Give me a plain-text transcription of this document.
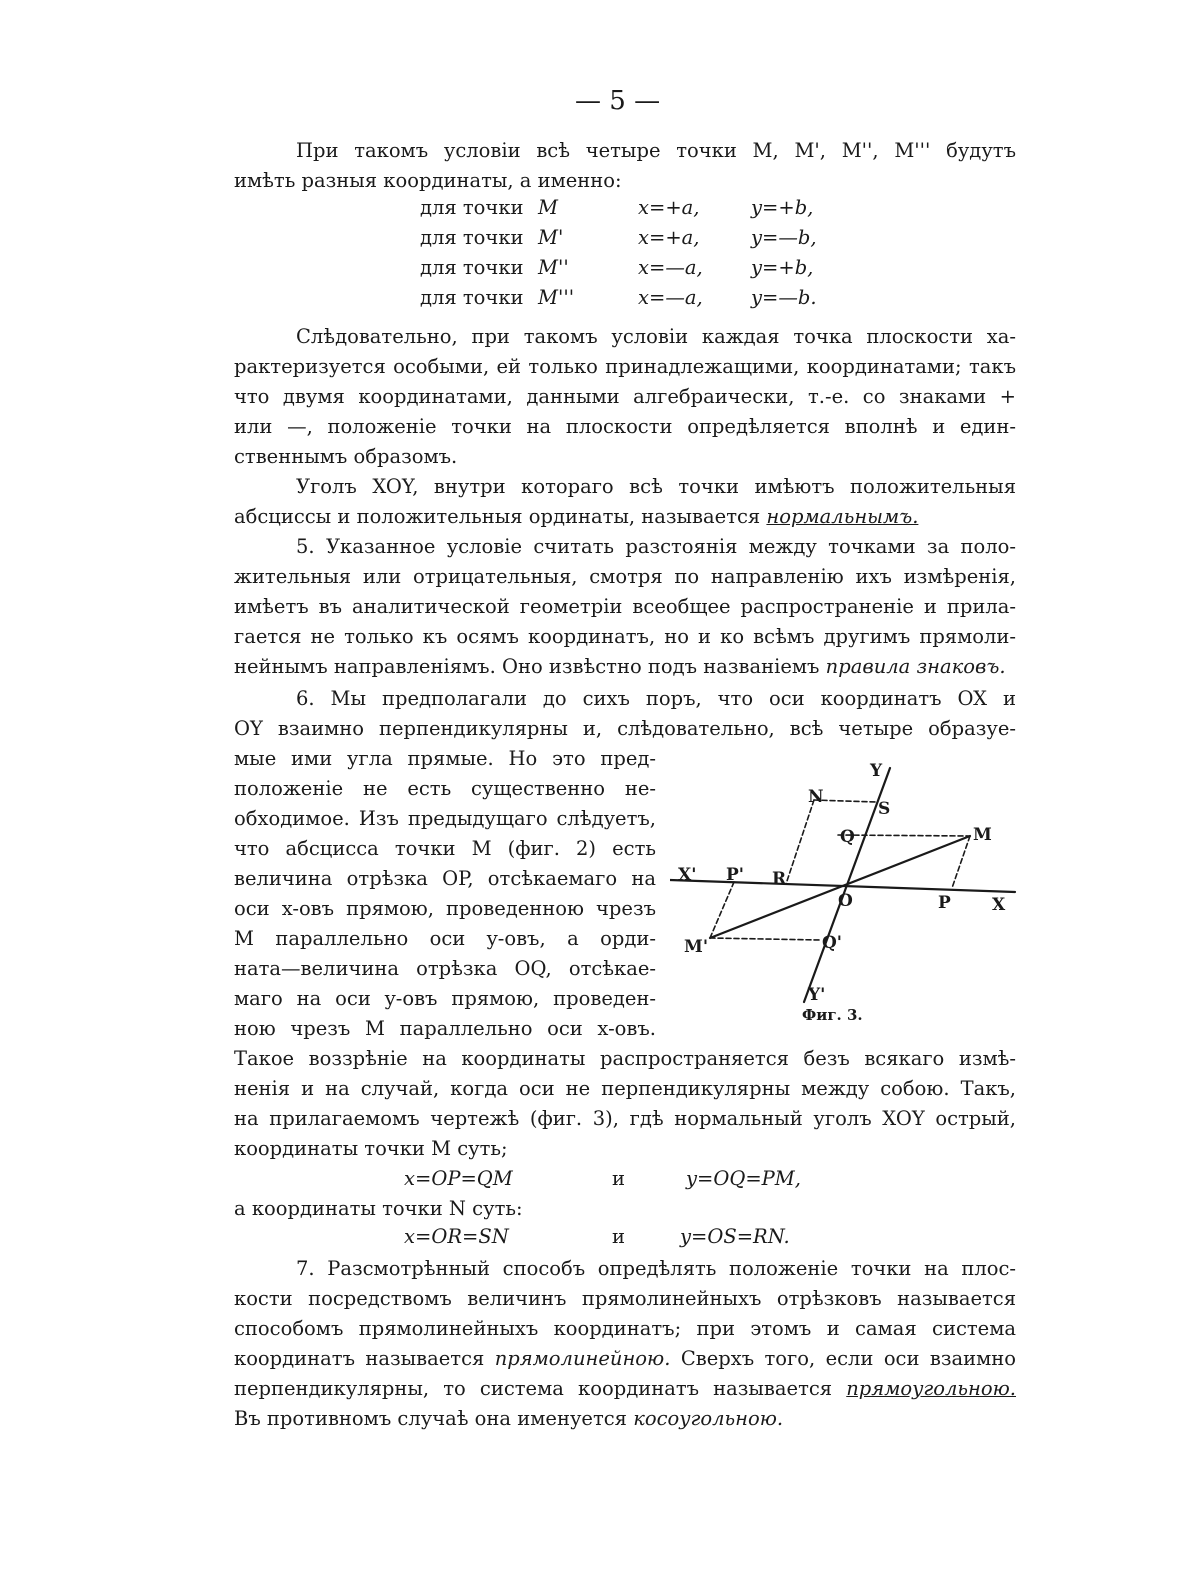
— 5 —
При такомъ условіи всѣ четыре точки M, M', M'', M''' будутъ
имѣть разныя координаты, а именно:
для точки M	x=+a,	y=+b,
для точки M'	x=+a,	y=—b,
для точки M''	x=—a, y=+b,
для точки M'''	x=—a, y=—b.
Слѣдовательно, при такомъ условіи каждая точка плоскости ха-
рактеризуется особыми, ей только принадлежащими, координатами; такъ
что двумя координатами, данными алгебраически, т.-е. со знаками +
или —, положеніе точки на плоскости опредѣляется вполнѣ и един-
ственнымъ образомъ.
Уголъ XOY, внутри котораго всѣ точки имѣютъ положительныя
абсциссы и положительныя ординаты, называется нормальнымъ.
5. Указанное условіе считать разстоянія между точками за поло-
жительныя или отрицательныя, смотря по направленію ихъ измѣренія,
имѣетъ въ аналитической геометріи всеобщее распространеніе и прила-
гается не только къ осямъ координатъ, но и ко всѣмъ другимъ прямоли-
нейнымъ направленіямъ. Оно извѣстно подъ названіемъ правила знаковъ.
6. Мы предполагали до сихъ поръ, что оси координатъ OX и
OY взаимно перпендикулярны и, слѣдовательно, всѣ четыре образуе-
мые ими угла прямые. Но это пред-
положеніе не есть существенно не-
обходимое. Изъ предыдущаго слѣдуетъ,
что абсцисса точки M (фиг. 2) есть
величина отрѣзка OP, отсѣкаемаго на
оси x-овъ прямою, проведенною чрезъ
M параллельно оси y-овъ, а орди-
ната—величина отрѣзка OQ, отсѣкае-
маго на оси y-овъ прямою, проведен-
ною чрезъ M параллельно оси x-овъ.
Y
N
S
Q	M
X' P' R
O	P X
M'	Q'
Y'
Фиг. 3.
Такое воззрѣніе на координаты распространяется безъ всякаго измѣ-
ненія и на случай, когда оси не перпендикулярны между собою. Такъ,
на прилагаемомъ чертежѣ (фиг. 3), гдѣ нормальный уголъ XOY острый,
координаты точки M суть;
x=OP=QM	и	y=OQ=PM,
а координаты точки N суть:
x=OR=SN	и	y=OS=RN.
7. Разсмотрѣнный способъ опредѣлять положеніе точки на плос-
кости посредствомъ величинъ прямолинейныхъ отрѣзковъ называется
способомъ прямолинейныхъ координатъ; при этомъ и самая система
координатъ называется прямолинейною. Сверхъ того, если оси взаимно
перпендикулярны, то система координатъ называется прямоугольною.
Въ противномъ случаѣ она именуется косоугольною.
